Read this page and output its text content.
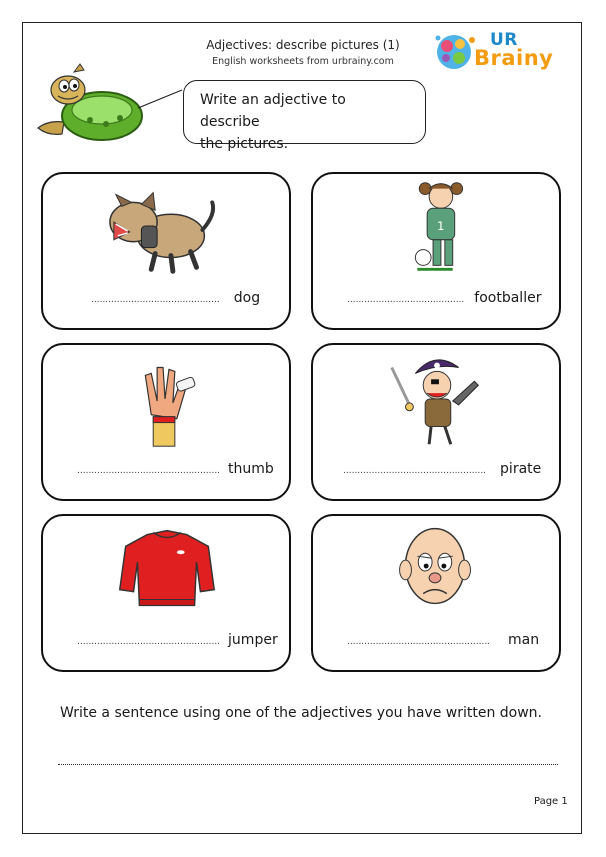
Adjectives: describe pictures (1)
English worksheets from urbrainy.com
UR
Brainy
Write an adjective to describe
the pictures.
............................................. dog
1
......................................... footballer
.................................................. thumb	.................................................. pirate
.................................................. jumper	.................................................. man
Write a sentence using one of the adjectives you have written down.
Page 1
